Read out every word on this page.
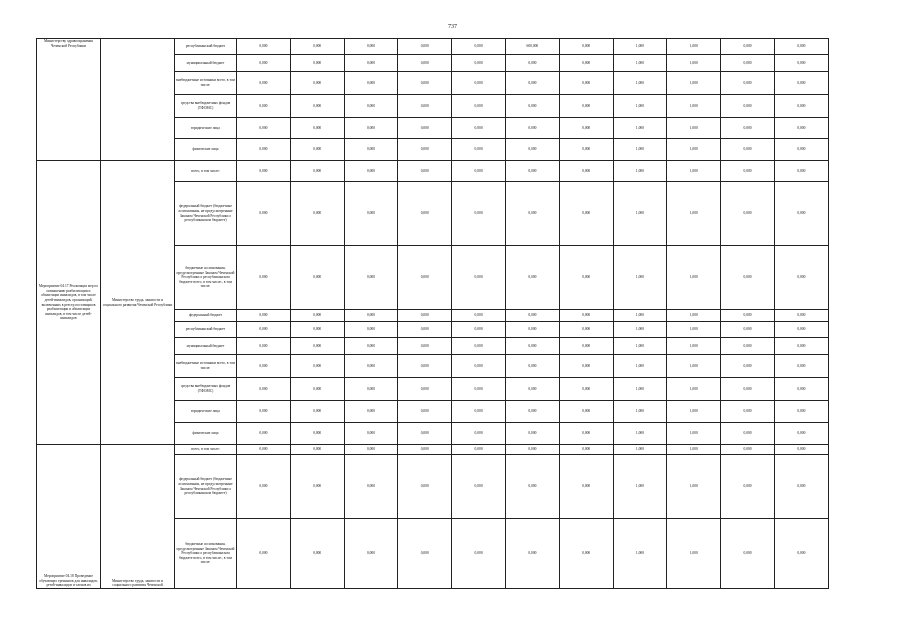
737
Министерству здравоохранения Чеченской Республики		республиканский бюджет	0,000	0,000	0,000	0,000	0,000	600,000	0,000	1,000	1,000	0,000	0,000
		муниципальный бюджет	0,000	0,000	0,000	0,000	0,000	0,000	0,000	1,000	1,000	0,000	0,000
		внебюджетные источники всего, в том числе:	0,000	0,000	0,000	0,000	0,000	0,000	0,000	1,000	1,000	0,000	0,000
		средства внебюджетных фондов (ТФОМС)	0,000	0,000	0,000	0,000	0,000	0,000	0,000	1,000	1,000	0,000	0,000
		юридические лица	0,000	0,000	0,000	0,000	0,000	0,000	0,000	1,000	1,000	0,000	0,000
		физические лица	0,000	0,000	0,000	0,000	0,000	0,000	0,000	1,000	1,000	0,000	0,000
Мероприятие 04.17 Реализация мер по повышению реабилитации и абилитации инвалидов, в том числе детей-инвалидов, организаций, включенных в реестр поставщиков реабилитации и абилитации инвалидов, в том числе детей-инвалидов	Министерство труда, занятости и социального развития Чеченской Республики	всего, в том числе:	0,000	0,000	0,000	0,000	0,000	0,000	0,000	1,000	1,000	0,000	0,000
		федеральный бюджет (бюджетные ассигнования, не предусмотренные Законом Чеченской Республики о республиканском бюджете)	0,000	0,000	0,000	0,000	0,000	0,000	0,000	1,000	1,000	0,000	0,000
		бюджетные ассигнования, предусмотренные Законом Чеченской Республики о республиканском бюджете всего, в том числе:, в том числе:	0,000	0,000	0,000	0,000	0,000	0,000	0,000	1,000	1,000	0,000	0,000
		федеральный бюджет	0,000	0,000	0,000	0,000	0,000	0,000	0,000	1,000	1,000	0,000	0,000
		республиканский бюджет	0,000	0,000	0,000	0,000	0,000	0,000	0,000	1,000	1,000	0,000	0,000
		муниципальный бюджет	0,000	0,000	0,000	0,000	0,000	0,000	0,000	1,000	1,000	0,000	0,000
		внебюджетные источники всего, в том числе:	0,000	0,000	0,000	0,000	0,000	0,000	0,000	1,000	1,000	0,000	0,000
		средства внебюджетных фондов (ТФОМС)	0,000	0,000	0,000	0,000	0,000	0,000	0,000	1,000	1,000	0,000	0,000
		юридические лица	0,000	0,000	0,000	0,000	0,000	0,000	0,000	1,000	1,000	0,000	0,000
		физические лица	0,000	0,000	0,000	0,000	0,000	0,000	0,000	1,000	1,000	0,000	0,000
Мероприятие 04.18 Проведение обучающих тренингов для инвалидов, детей-инвалидов и членов их	Министерство труда, занятости и социального развития Чеченской	всего, в том числе:	0,000	0,000	0,000	0,000	0,000	0,000	0,000	1,000	1,000	0,000	0,000
		федеральный бюджет (бюджетные ассигнования, не предусмотренные Законом Чеченской Республики о республиканском бюджете)	0,000	0,000	0,000	0,000	0,000	0,000	0,000	1,000	1,000	0,000	0,000
		бюджетные ассигнования, предусмотренные Законом Чеченской Республики о республиканском бюджете всего, в том числе:, в том числе:	0,000	0,000	0,000	0,000	0,000	0,000	0,000	1,000	1,000	0,000	0,000
